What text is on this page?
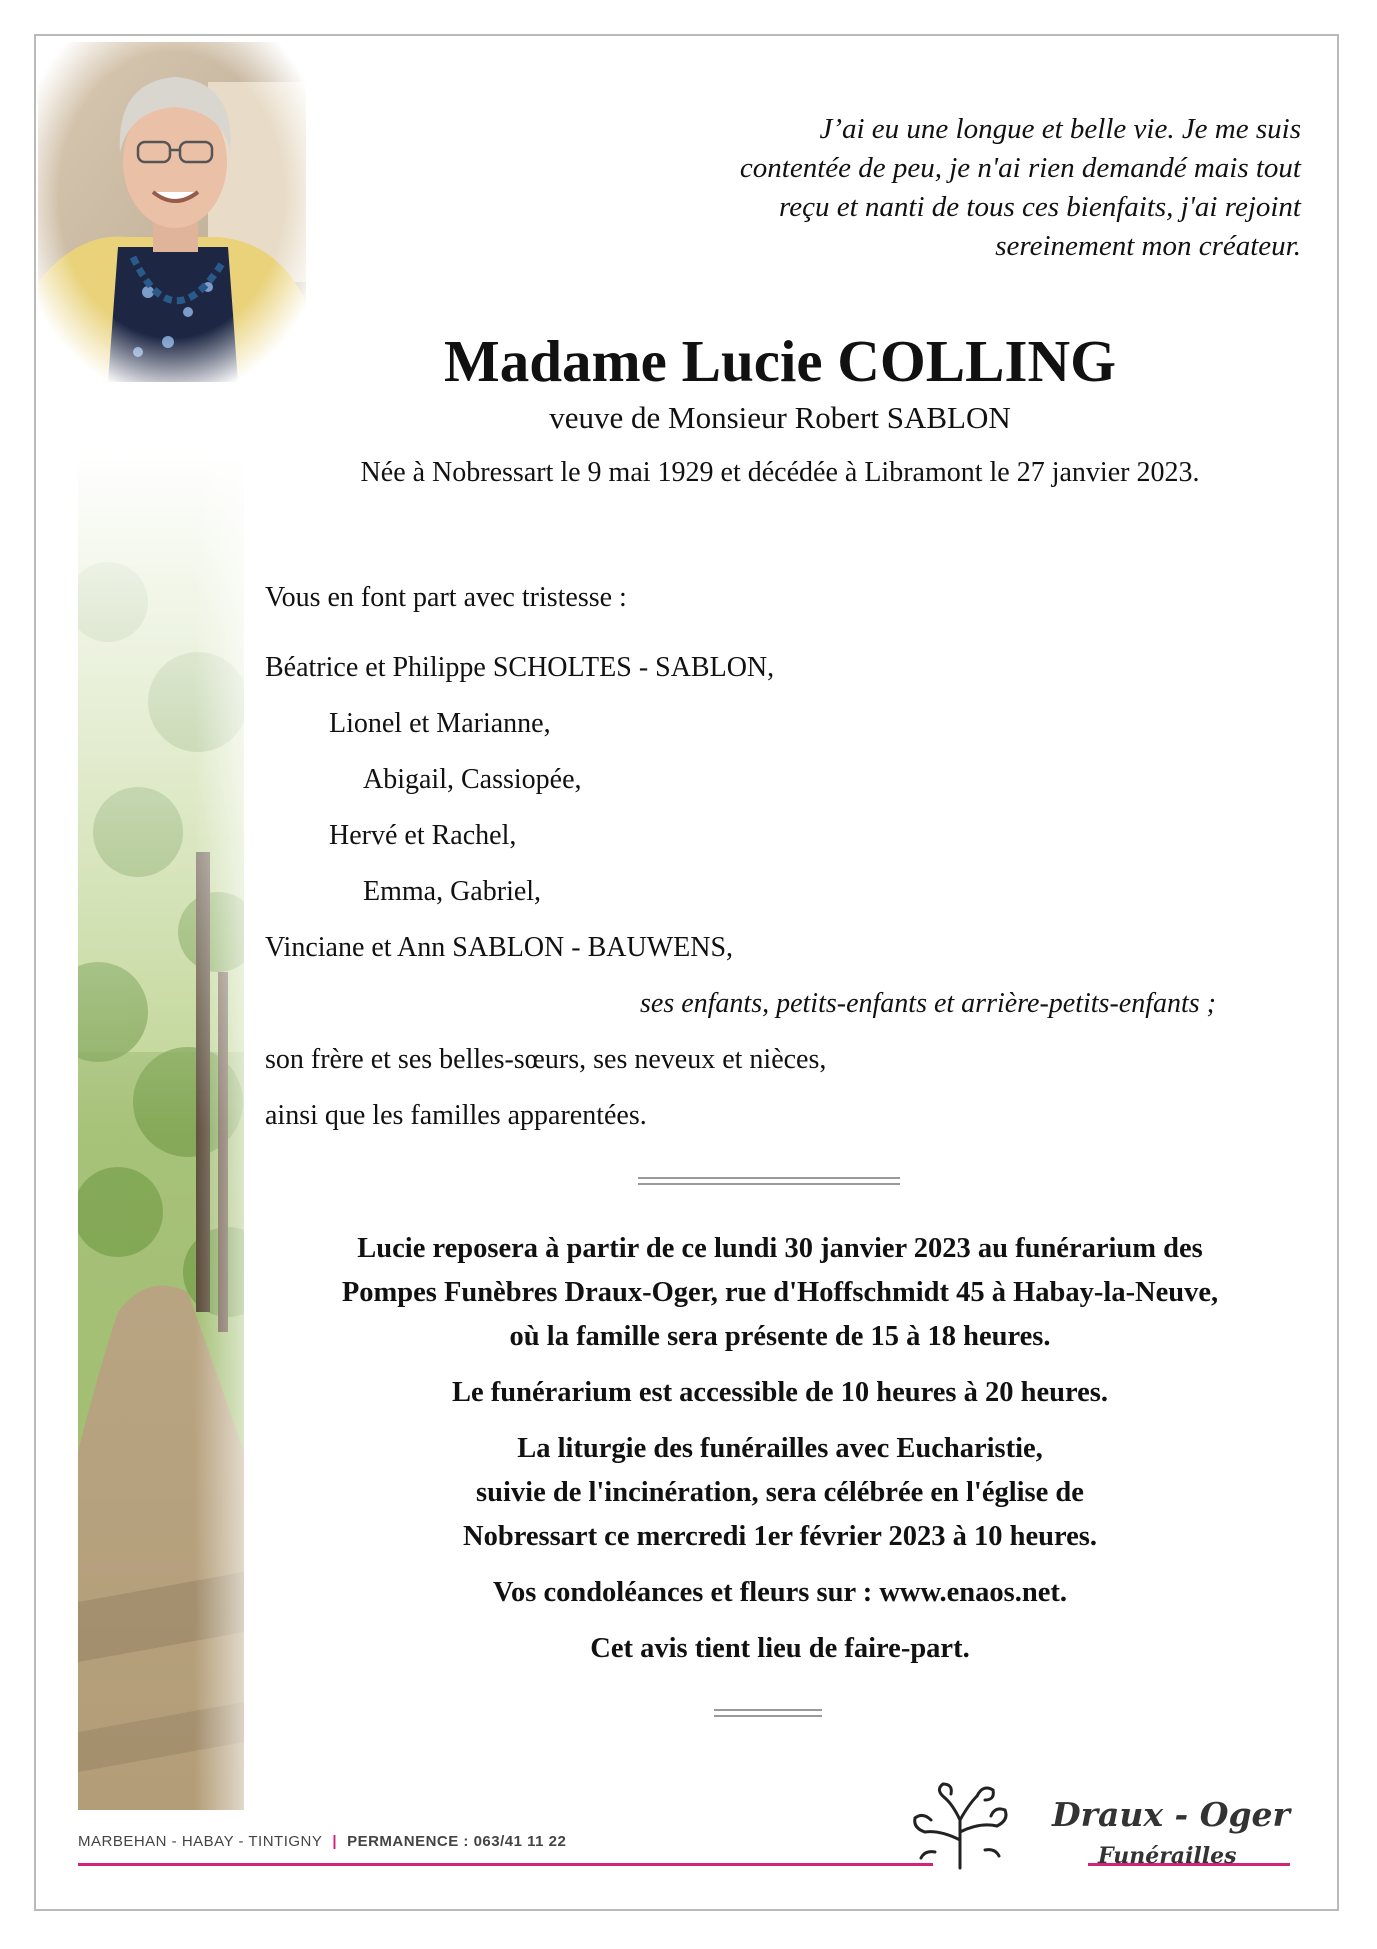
J’ai eu une longue et belle vie. Je me suis
contentée de peu, je n'ai rien demandé mais tout
reçu et nanti de tous ces bienfaits, j'ai rejoint
sereinement mon créateur.
Madame Lucie COLLING
veuve de Monsieur Robert SABLON
Née à Nobressart le 9 mai 1929 et décédée à Libramont le 27 janvier 2023.
Vous en font part avec tristesse :
Béatrice et Philippe SCHOLTES - SABLON,
Lionel et Marianne,
Abigail, Cassiopée,
Hervé et Rachel,
Emma, Gabriel,
Vinciane et Ann SABLON - BAUWENS,
ses enfants, petits-enfants et arrière-petits-enfants ;
son frère et ses belles-sœurs, ses neveux et nièces,
ainsi que les familles apparentées.
Lucie reposera à partir de ce lundi 30 janvier 2023 au funérarium des
Pompes Funèbres Draux-Oger, rue d'Hoffschmidt 45 à Habay-la-Neuve,
où la famille sera présente de 15 à 18 heures.
Le funérarium est accessible de 10 heures à 20 heures.
La liturgie des funérailles avec Eucharistie,
suivie de l'incinération, sera célébrée en l'église de
Nobressart ce mercredi 1er février 2023 à 10 heures.
Vos condoléances et fleurs sur : www.enaos.net.
Cet avis tient lieu de faire-part.
MARBEHAN - HABAY - TINTIGNY | PERMANENCE : 063/41 11 22
Draux - Oger
Funérailles
